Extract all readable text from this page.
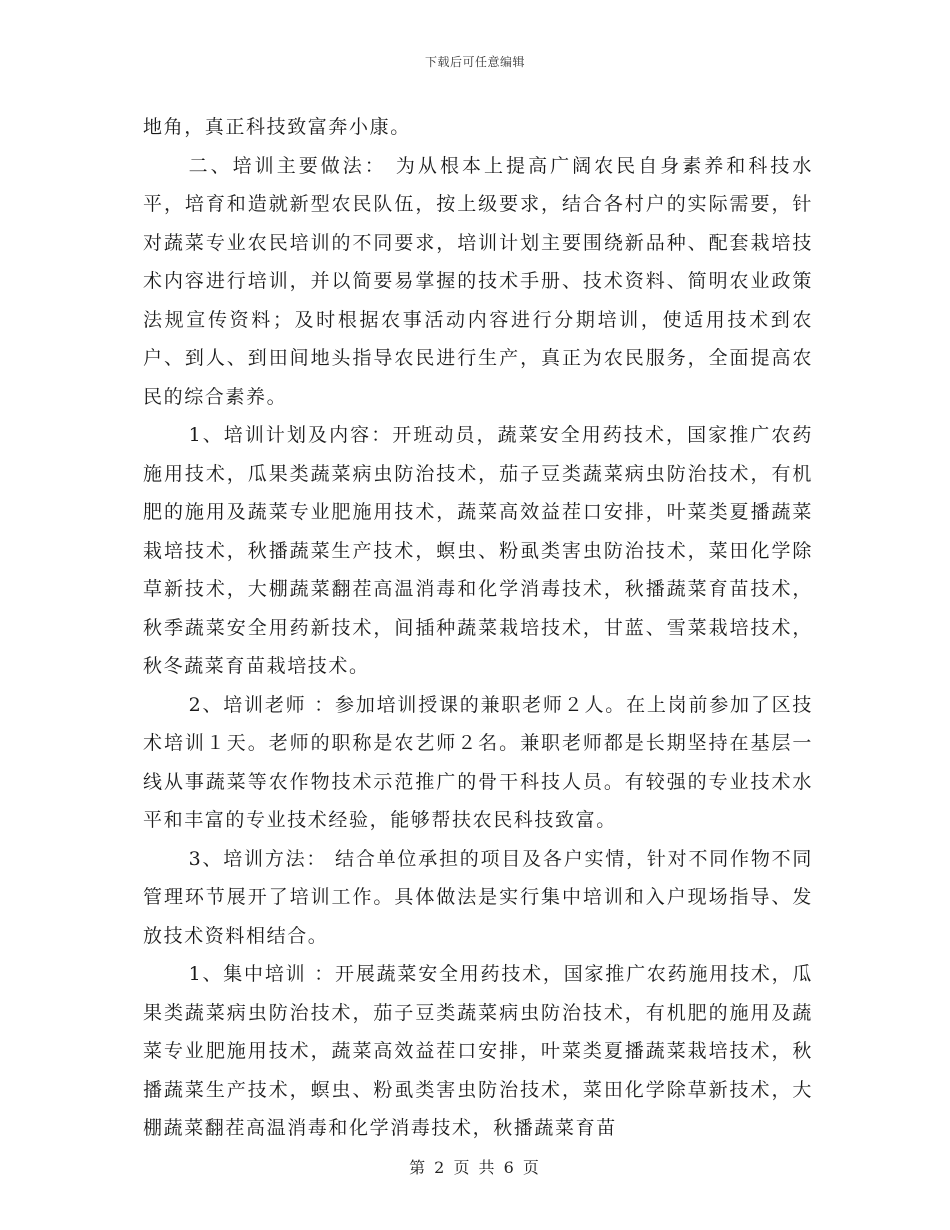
下载后可任意编辑

地角，真正科技致富奔小康。

二、培训主要做法： 为从根本上提高广阔农民自身素养和科技水平，培育和造就新型农民队伍，按上级要求，结合各村户的实际需要，针对蔬菜专业农民培训的不同要求，培训计划主要围绕新品种、配套栽培技术内容进行培训，并以简要易掌握的技术手册、技术资料、简明农业政策法规宣传资料；及时根据农事活动内容进行分期培训，使适用技术到农户、到人、到田间地头指导农民进行生产，真正为农民服务，全面提高农民的综合素养。

1、培训计划及内容：开班动员，蔬菜安全用药技术，国家推广农药施用技术，瓜果类蔬菜病虫防治技术，茄子豆类蔬菜病虫防治技术，有机肥的施用及蔬菜专业肥施用技术，蔬菜高效益茬口安排，叶菜类夏播蔬菜栽培技术，秋播蔬菜生产技术，螟虫、粉虱类害虫防治技术，菜田化学除草新技术，大棚蔬菜翻茬高温消毒和化学消毒技术，秋播蔬菜育苗技术，秋季蔬菜安全用药新技术，间插种蔬菜栽培技术，甘蓝、雪菜栽培技术，秋冬蔬菜育苗栽培技术。

2、培训老师 ：参加培训授课的兼职老师２人。在上岗前参加了区技术培训１天。老师的职称是农艺师２名。兼职老师都是长期坚持在基层一线从事蔬菜等农作物技术示范推广的骨干科技人员。有较强的专业技术水平和丰富的专业技术经验，能够帮扶农民科技致富。

3、培训方法： 结合单位承担的项目及各户实情，针对不同作物不同管理环节展开了培训工作。具体做法是实行集中培训和入户现场指导、发放技术资料相结合。

1、集中培训 ：开展蔬菜安全用药技术，国家推广农药施用技术，瓜果类蔬菜病虫防治技术，茄子豆类蔬菜病虫防治技术，有机肥的施用及蔬菜专业肥施用技术，蔬菜高效益茬口安排，叶菜类夏播蔬菜栽培技术，秋播蔬菜生产技术，螟虫、粉虱类害虫防治技术，菜田化学除草新技术，大棚蔬菜翻茬高温消毒和化学消毒技术，秋播蔬菜育苗

第 2 页 共 6 页
